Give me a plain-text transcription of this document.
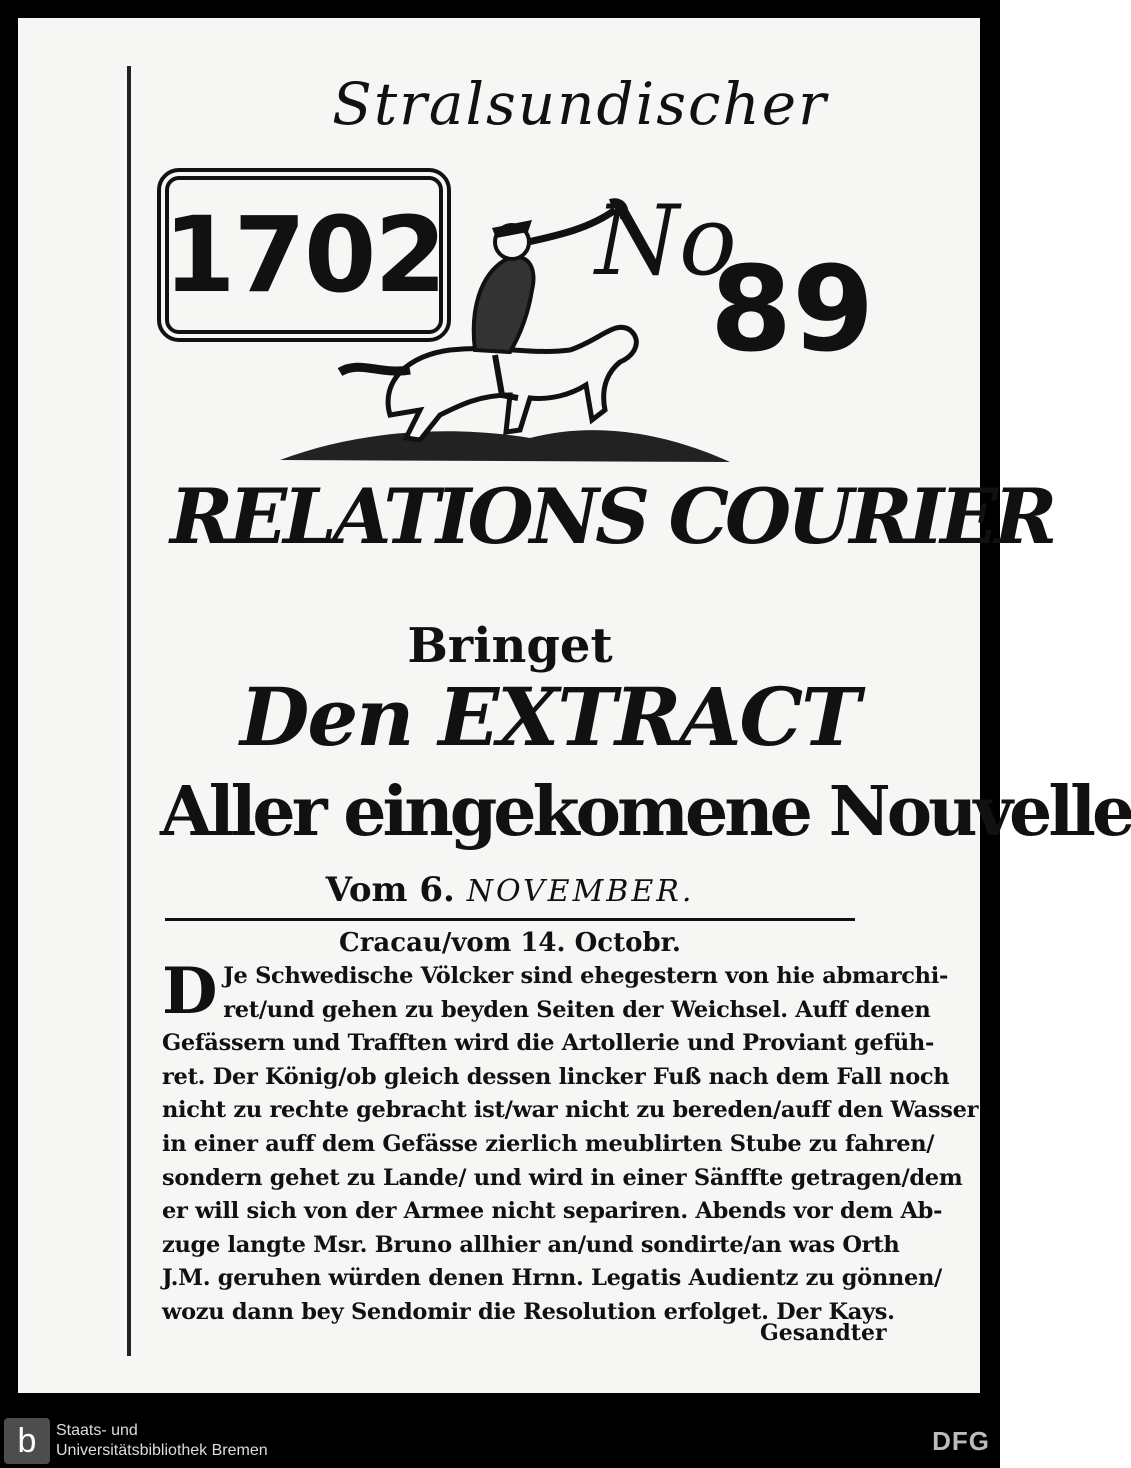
Stralsundischer
1702 No
89
RELATIONS COURIER
Bringet
Den EXTRACT
Aller eingekomene Nouvelle
Vom 6. NOVEMBER.
Cracau/vom 14. Octobr.
D Je Schwedische Völcker sind ehegestern von hie abmarchi-
ret/und gehen zu beyden Seiten der Weichsel. Auff denen
Gefässern und Trafften wird die Artollerie und Proviant gefüh-
ret. Der König/ob gleich dessen lincker Fuß nach dem Fall noch
nicht zu rechte gebracht ist/war nicht zu bereden/auff den Wasser
in einer auff dem Gefässe zierlich meublirten Stube zu fahren/
sondern gehet zu Lande/ und wird in einer Sänffte getragen/dem
er will sich von der Armee nicht separiren. Abends vor dem Ab-
zuge langte Msr. Bruno allhier an/und sondirte/an was Orth
J.M. geruhen würden denen Hrnn. Legatis Audientz zu gönnen/
wozu dann bey Sendomir die Resolution erfolget. Der Kays.
Gesandter
b	Staats- und
Universitätsbibliothek Bremen	DFG
